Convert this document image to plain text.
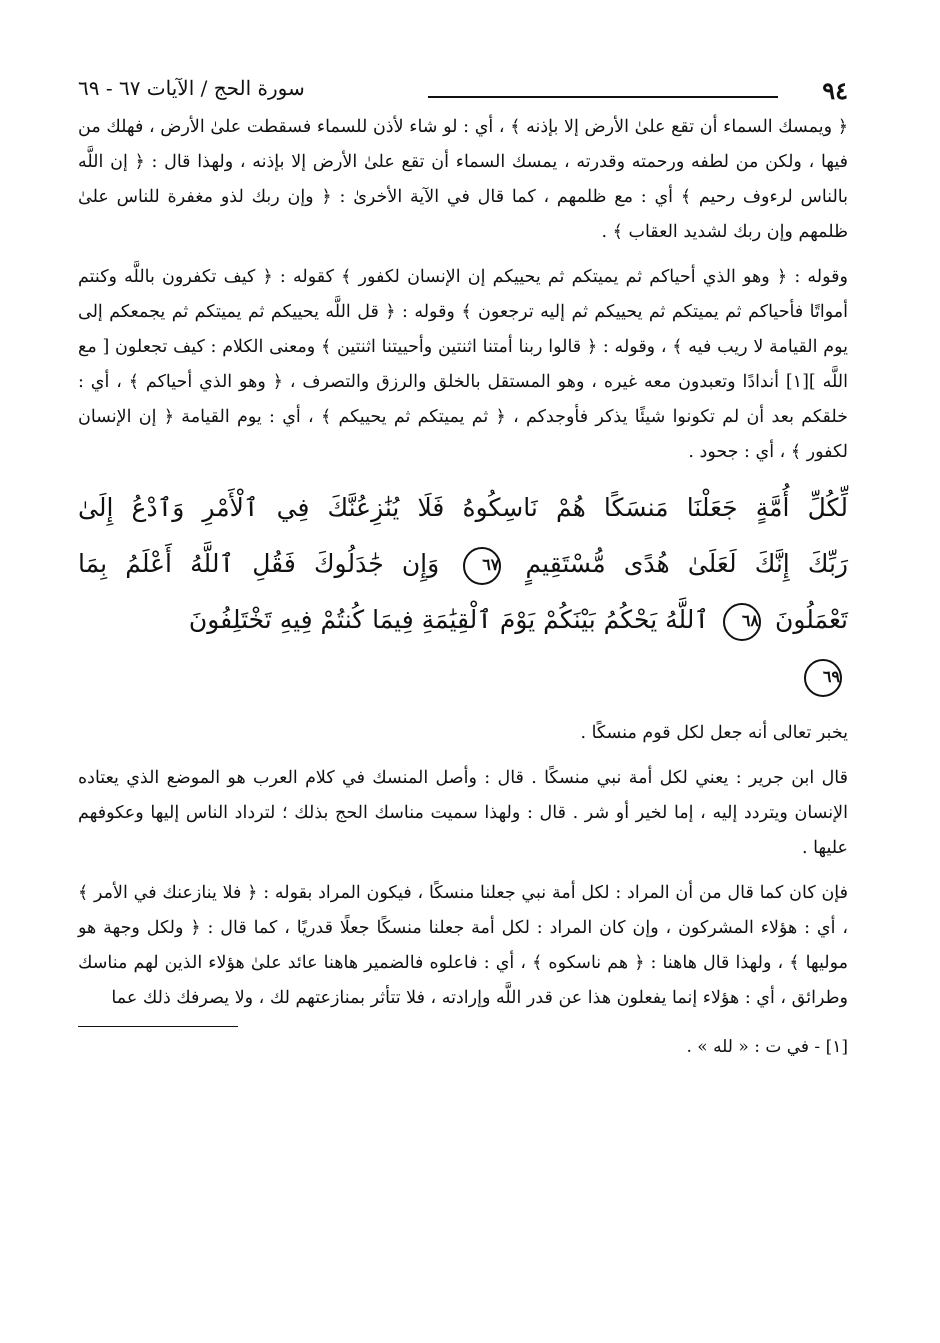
٩٤
سورة الحج / الآيات ٦٧ - ٦٩

﴿ ويمسك السماء أن تقع علىٰ الأرض إلا بإذنه ﴾ ، أي : لو شاء لأذن للسماء فسقطت علىٰ الأرض ، فهلك من فيها ، ولكن من لطفه ورحمته وقدرته ، يمسك السماء أن تقع علىٰ الأرض إلا بإذنه ، ولهذا قال : ﴿ إن اللَّه بالناس لرءوف رحيم ﴾ أي : مع ظلمهم ، كما قال في الآية الأخرىٰ : ﴿ وإن ربك لذو مغفرة للناس علىٰ ظلمهم وإن ربك لشديد العقاب ﴾ .

وقوله : ﴿ وهو الذي أحياكم ثم يميتكم ثم يحييكم إن الإنسان لكفور ﴾ كقوله : ﴿ كيف تكفرون باللَّه وكنتم أمواتًا فأحياكم ثم يميتكم ثم يحييكم ثم إليه ترجعون ﴾ وقوله : ﴿ قل اللَّه يحييكم ثم يميتكم ثم يجمعكم إلى يوم القيامة لا ريب فيه ﴾ ، وقوله : ﴿ قالوا ربنا أمتنا اثنتين وأحييتنا اثنتين ﴾ ومعنى الكلام : كيف تجعلون [ مع اللَّه ][١] أندادًا وتعبدون معه غيره ، وهو المستقل بالخلق والرزق والتصرف ، ﴿ وهو الذي أحياكم ﴾ ، أي : خلقكم بعد أن لم تكونوا شيئًا يذكر فأوجدكم ، ﴿ ثم يميتكم ثم يحييكم ﴾ ، أي : يوم القيامة ﴿ إن الإنسان لكفور ﴾ ، أي : جحود .

لِّكُلِّ أُمَّةٍ جَعَلْنَا مَنسَكًا هُمْ نَاسِكُوهُ فَلَا يُنَٰزِعُنَّكَ فِي ٱلْأَمْرِ وَٱدْعُ إِلَىٰ
رَبِّكَ إِنَّكَ لَعَلَىٰ هُدًى مُّسْتَقِيمٍ ٦٧ وَإِن جَٰدَلُوكَ فَقُلِ ٱللَّهُ أَعْلَمُ بِمَا
تَعْمَلُونَ ٦٨ ٱللَّهُ يَحْكُمُ بَيْنَكُمْ يَوْمَ ٱلْقِيَٰمَةِ فِيمَا كُنتُمْ فِيهِ تَخْتَلِفُونَ
٦٩

يخبر تعالى أنه جعل لكل قوم منسكًا .

قال ابن جرير : يعني لكل أمة نبي منسكًا . قال : وأصل المنسك في كلام العرب هو الموضع الذي يعتاده الإنسان ويتردد إليه ، إما لخير أو شر . قال : ولهذا سميت مناسك الحج بذلك ؛ لترداد الناس إليها وعكوفهم عليها .

فإن كان كما قال من أن المراد : لكل أمة نبي جعلنا منسكًا ، فيكون المراد بقوله : ﴿ فلا ينازعنك في الأمر ﴾ ، أي : هؤلاء المشركون ، وإن كان المراد : لكل أمة جعلنا منسكًا جعلًا قدريًا ، كما قال : ﴿ ولكل وجهة هو موليها ﴾ ، ولهذا قال هاهنا : ﴿ هم ناسكوه ﴾ ، أي : فاعلوه فالضمير هاهنا عائد علىٰ هؤلاء الذين لهم مناسك وطرائق ، أي : هؤلاء إنما يفعلون هذا عن قدر اللَّه وإرادته ، فلا تتأثر بمنازعتهم لك ، ولا يصرفك ذلك عما

[١] - في ت : « لله » .
